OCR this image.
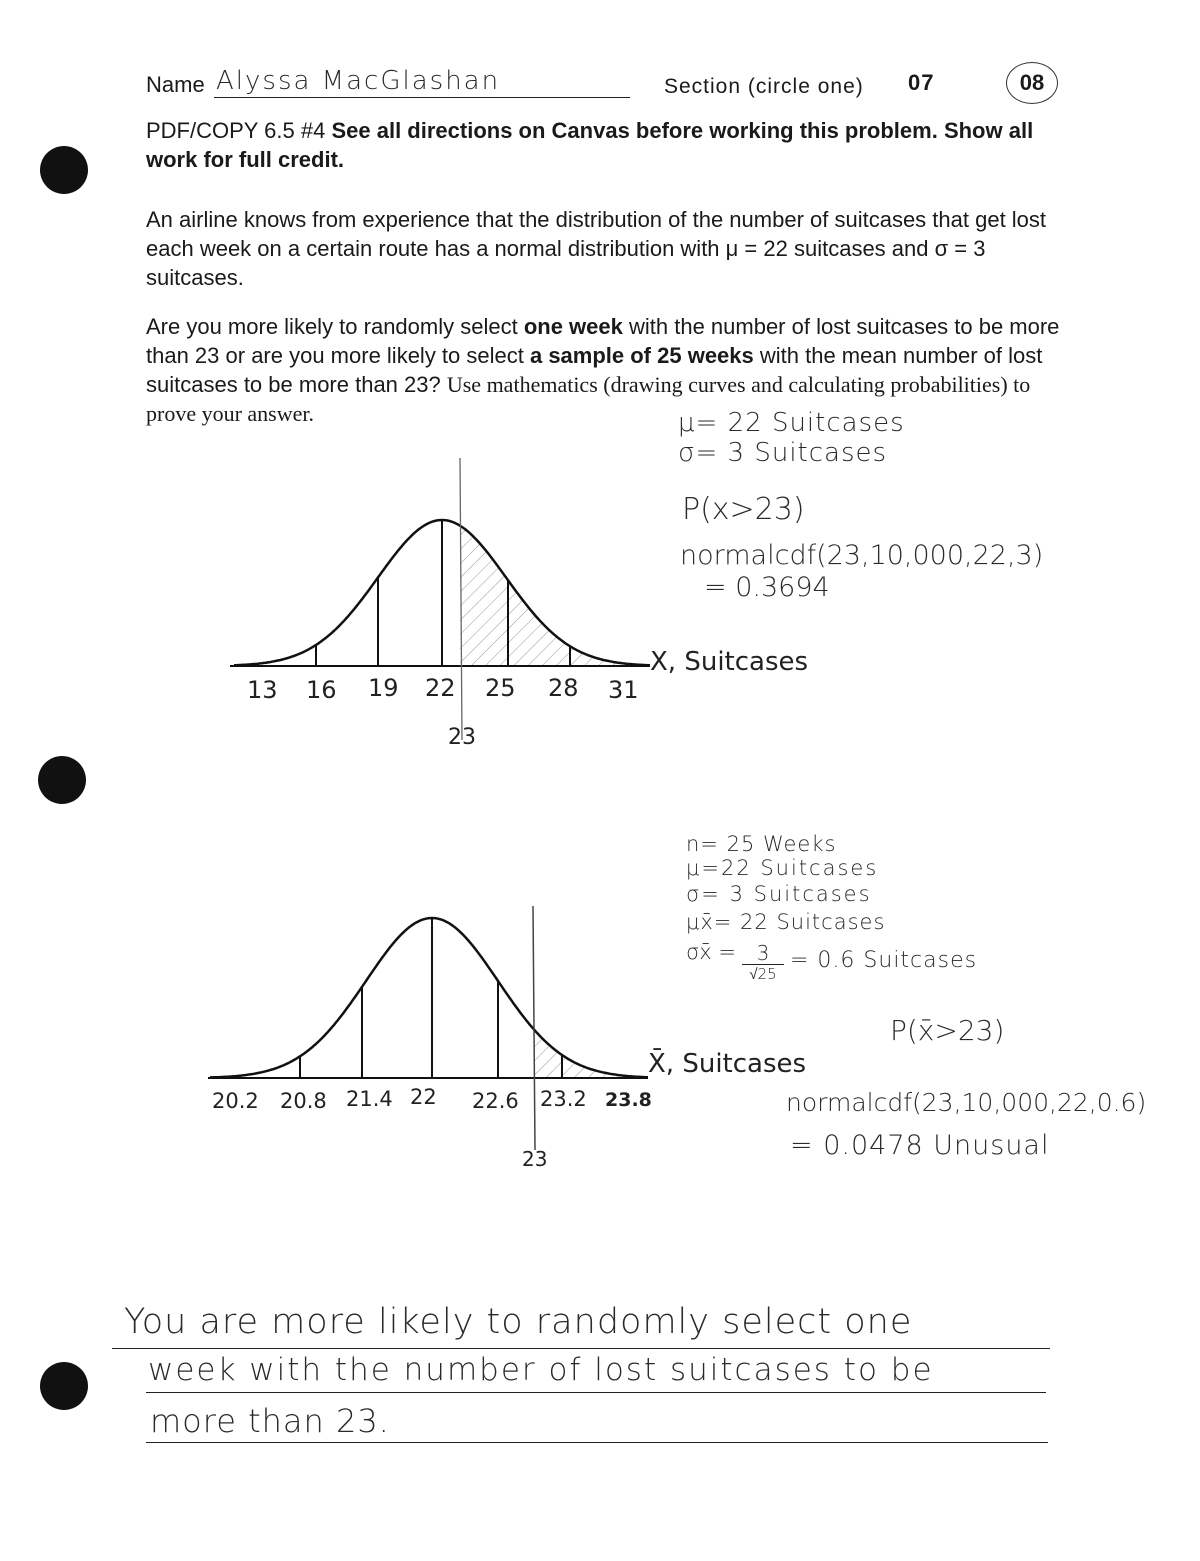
Name Alyssa MacGlashan	Section (circle one) 07	08
PDF/COPY 6.5 #4 See all directions on Canvas before working this problem. Show all work for full credit.
An airline knows from experience that the distribution of the number of suitcases that get lost each week on a certain route has a normal distribution with μ = 22 suitcases and σ = 3 suitcases.
Are you more likely to randomly select one week with the number of lost suitcases to be more than 23 or are you more likely to select a sample of 25 weeks with the mean number of lost suitcases to be more than 23? Use mathematics (drawing curves and calculating probabilities) to prove your answer.	μ= 22 Suitcases
σ= 3 Suitcases
P(x>23)
normalcdf(23,10,000,22,3)
= 0.3694
13 16 19 22 25 28 31
23
X, Suitcases
n= 25 Weeks
μ=22 Suitcases
σ= 3 Suitcases
μx̄= 22 Suitcases
σx̄ =	3
√25
= 0.6 Suitcases
P(x̄>23)
normalcdf(23,10,000,22,0.6)
= 0.0478 Unusual
20.2 20.8 21.4 22 22.6 23.2 23.8
23
X̄, Suitcases
You are more likely to randomly select one
week with the number of lost suitcases to be
more than 23.
